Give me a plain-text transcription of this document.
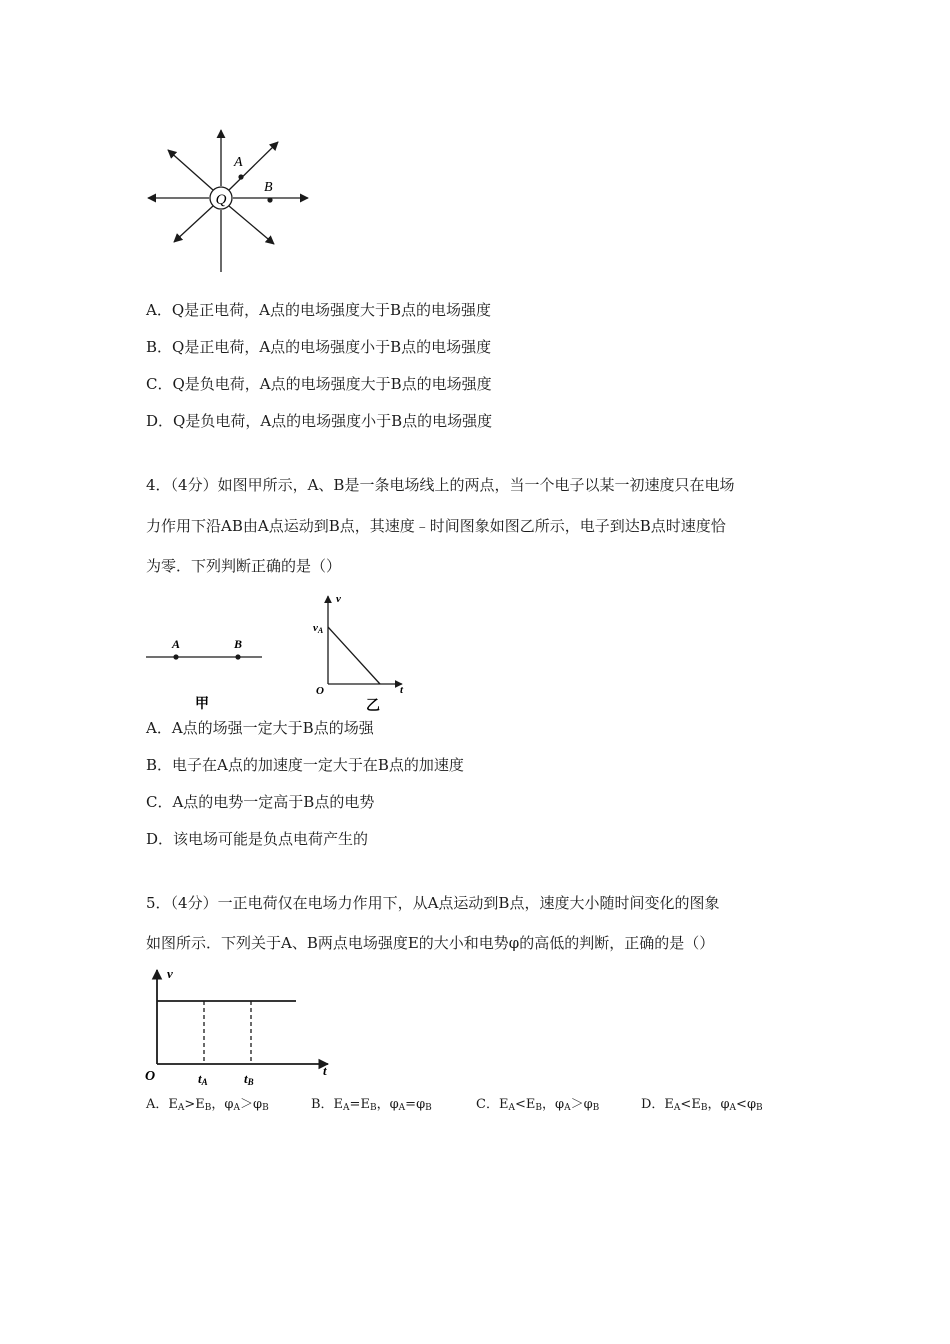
Q
A
B
A．Q是正电荷，A点的电场强度大于B点的电场强度
B．Q是正电荷，A点的电场强度小于B点的电场强度
C．Q是负电荷，A点的电场强度大于B点的电场强度
D．Q是负电荷，A点的电场强度小于B点的电场强度
4．（4分）如图甲所示，A、B是一条电场线上的两点，当一个电子以某一初速度只在电场
力作用下沿AB由A点运动到B点，其速度﹣时间图象如图乙所示，电子到达B点时速度恰
为零．下列判断正确的是（）
A	B
甲
v
vA
O	t
乙
A．A点的场强一定大于B点的场强
B．电子在A点的加速度一定大于在B点的加速度
C．A点的电势一定高于B点的电势
D．该电场可能是负点电荷产生的
5．（4分）一正电荷仅在电场力作用下，从A点运动到B点，速度大小随时间变化的图象
如图所示．下列关于A、B两点电场强度E的大小和电势φ的高低的判断，正确的是（）
v
O	t
tA	tB
A．$E_A>E_B$，$\varphi_A>\varphi_B$	B．$E_A=E_B$，$\varphi_A=\varphi_B$	C．$E_A<E_B$，$\varphi_A>\varphi_B$	D．$E_A<E_B$，$\varphi_A<\varphi_B$
